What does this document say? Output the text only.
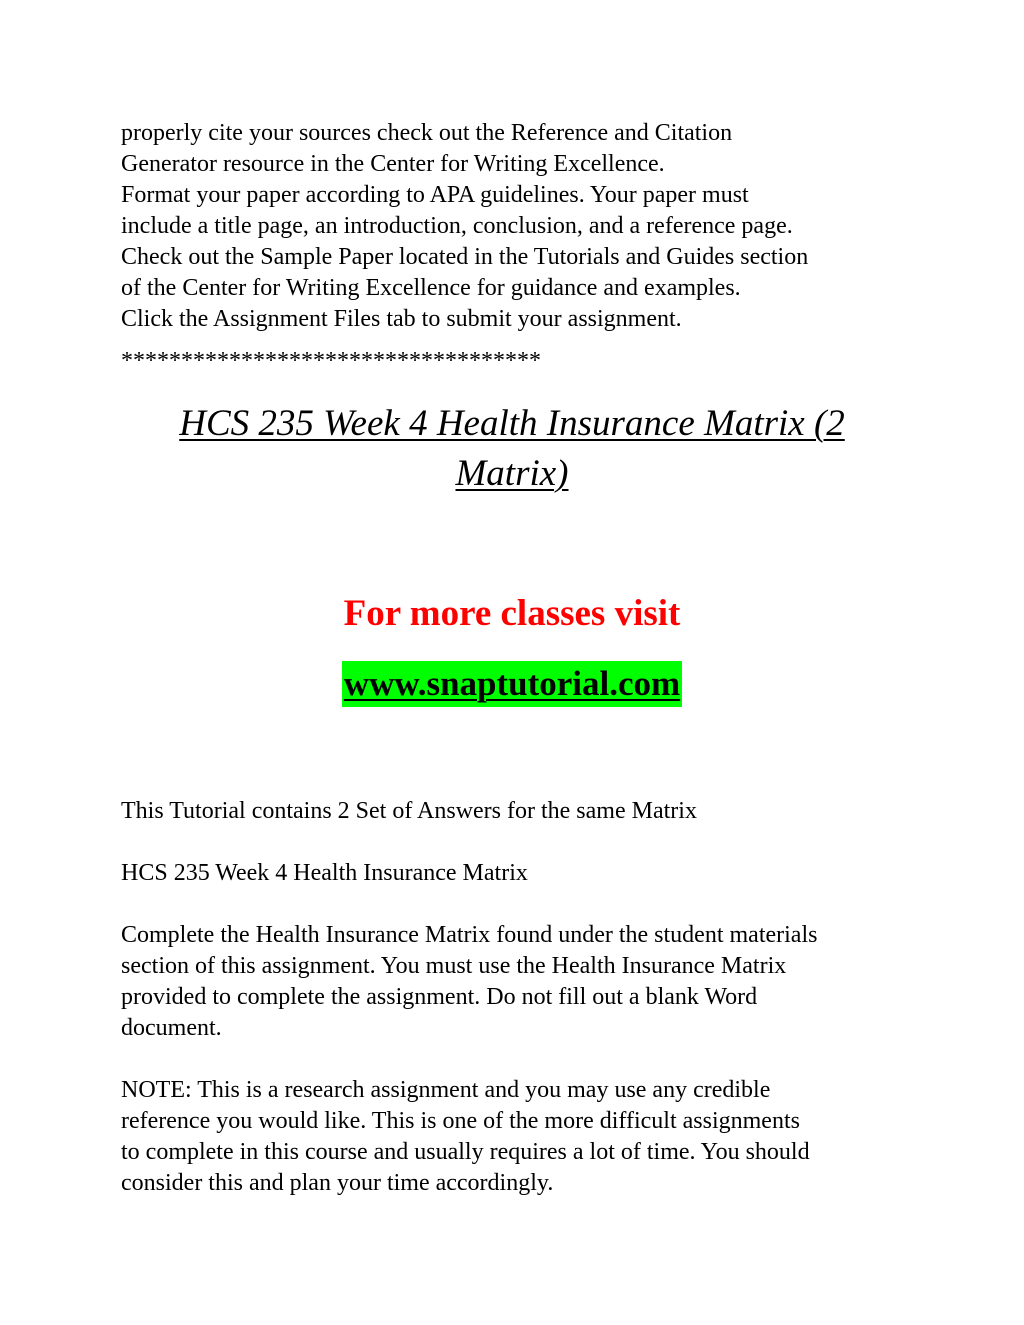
properly cite your sources check out the Reference and Citation

Generator resource in the Center for Writing Excellence.

Format your paper according to APA guidelines. Your paper must

include a title page, an introduction, conclusion, and a reference page.

Check out the Sample Paper located in the Tutorials and Guides section

of the Center for Writing Excellence for guidance and examples.

Click the Assignment Files tab to submit your assignment.

***********************************
HCS 235 Week 4 Health Insurance Matrix (2
Matrix)
For more classes visit
www.snaptutorial.com

This Tutorial contains 2 Set of Answers for the same Matrix

HCS 235 Week 4 Health Insurance Matrix

Complete the Health Insurance Matrix found under the student materials

section of this assignment. You must use the Health Insurance Matrix

provided to complete the assignment. Do not fill out a blank Word

document.

NOTE: This is a research assignment and you may use any credible

reference you would like. This is one of the more difficult assignments

to complete in this course and usually requires a lot of time. You should

consider this and plan your time accordingly.
